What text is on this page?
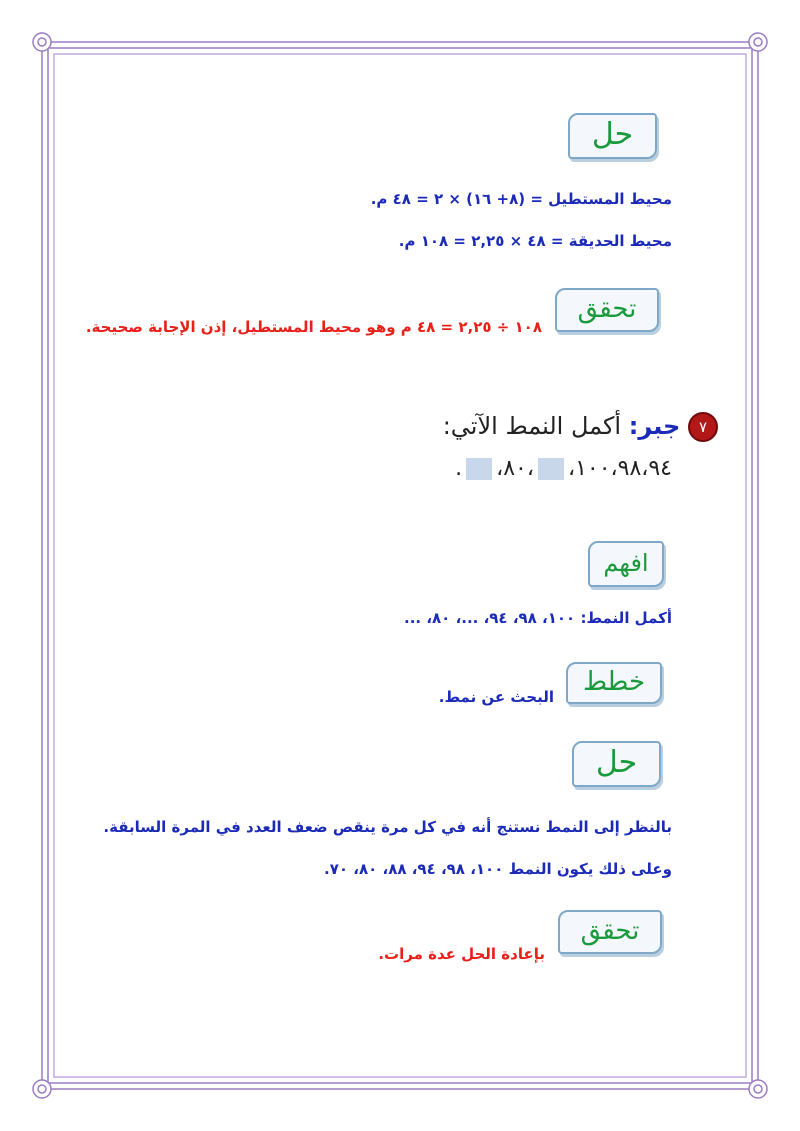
حل
محيط المستطيل = (٨+ ١٦) × ٢ = ٤٨ م.
محيط الحديقة = ٤٨ × ٢,٢٥ = ١٠٨ م.
تحقق
١٠٨ ÷ ٢,٢٥ = ٤٨ م وهو محيط المستطيل، إذن الإجابة صحيحة.
٧ جبر: أكمل النمط الآتي:
١٠٠،٩٨،٩٤،،٨٠،.
افهم
أكمل النمط: ١٠٠، ٩٨، ٩٤، ...، ٨٠، ...
خطط
البحث عن نمط.
حل
بالنظر إلى النمط نستنج أنه في كل مرة ينقص ضعف العدد في المرة السابقة.
وعلى ذلك يكون النمط ١٠٠، ٩٨، ٩٤، ٨٨، ٨٠، ٧٠.
تحقق
بإعادة الحل عدة مرات.
